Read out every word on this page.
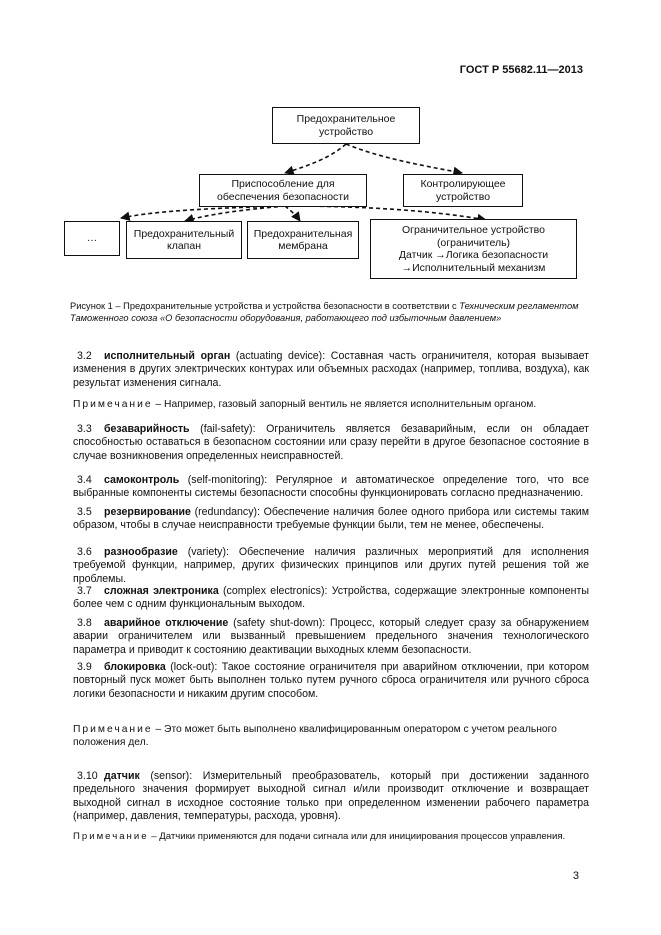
ГОСТ Р 55682.11—2013
Предохранительное устройство
Приспособление для обеспечения безопасности
Контролирующее устройство
…	Предохранительный клапан
Предохранительная мембрана
Ограничительное устройство
(ограничитель)
Датчик →Логика безопасности
→Исполнительный механизм
Рисунок 1 – Предохранительные устройства и устройства безопасности в соответствии с Техническим регламентом Таможенного союза «О безопасности оборудования, работающего под избыточным давлением»
3.2 исполнительный орган (actuating device): Составная часть ограничителя, которая вызывает изменения в других электрических контурах или объемных расходах (например, топлива, воздуха), как результат изменения сигнала.
Примечание – Например, газовый запорный вентиль не является исполнительным органом.
3.3 безаварийность (fail-safety): Ограничитель является безаварийным, если он обладает способностью оставаться в безопасном состоянии или сразу перейти в другое безопасное состояние в случае возникновения определенных неисправностей.
3.4 самоконтроль (self-monitoring): Регулярное и автоматическое определение того, что все выбранные компоненты системы безопасности способны функционировать согласно предназначению.
3.5 резервирование (redundancy): Обеспечение наличия более одного прибора или системы таким образом, чтобы в случае неисправности требуемые функции были, тем не менее, обеспечены.
3.6 разнообразие (variety): Обеспечение наличия различных мероприятий для исполнения требуемой функции, например, других физических принципов или других путей решения той же проблемы.
3.7 сложная электроника (complex electronics): Устройства, содержащие электронные компоненты более чем с одним функциональным выходом.
3.8 аварийное отключение (safety shut-down): Процесс, который следует сразу за обнаружением аварии ограничителем или вызванный превышением предельного значения технологического параметра и приводит к состоянию деактивации выходных клемм безопасности.
3.9 блокировка (lock-out): Такое состояние ограничителя при аварийном отключении, при котором повторный пуск может быть выполнен только путем ручного сброса ограничителя или ручного сброса логики безопасности и никаким другим способом.
Примечание – Это может быть выполнено квалифицированным оператором с учетом реального положения дел.
3.10 датчик (sensor): Измерительный преобразователь, который при достижении заданного предельного значения формирует выходной сигнал и/или производит отключение и возвращает выходной сигнал в исходное состояние только при определенном изменении рабочего параметра (например, давления, температуры, расхода, уровня).
Примечание – Датчики применяются для подачи сигнала или для инициирования процессов управления.
3
